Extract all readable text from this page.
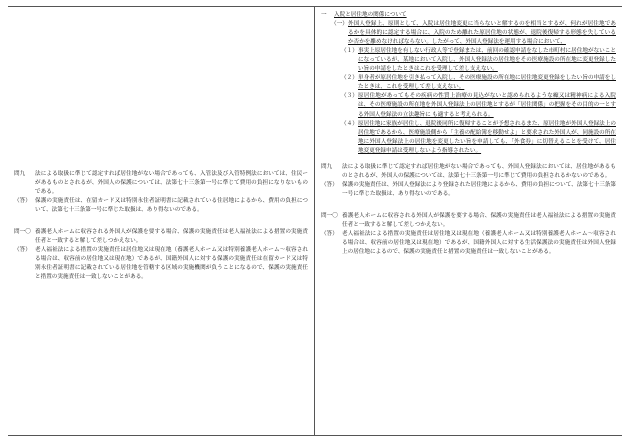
問九	法による取扱に準じて認定すれば居住地がない場合であっても、入管法及び入管特例法においては、住民ーがあるものとされるが、外国人の保護については、法第七十三条第一号に準じて費用の負担になりないものである。
（答） 保護の実施責任は、在留カード又は特別永住者証明書に記載されている住居地によるから、費用の負担について、法第七十三条第一号に準じた取扱は、あり得ないのである。
問一〇 養護老人ホームに収容される外国人が保護を要する場合、保護の実施責任は老人福祉法による措置の実施責任者と一致すると解して差しつかえない。
（答） 老人福祉法による措置の実施責任は居住地又は現在地（養護老人ホーム又は特別養護老人ホーム～収容される場合は、収容前の居住地又は現在地）であるが、国籍外国人に対する保護の実施責任は在留カード又は特別永住者証明書に記載されている居住地を管轄する区域の実施機関が負うことになるので、保護の実施責任と措置の実施責任は一致しないことがある。
一	入院と居住地の関係について
（一） 外国人登録上、原則として、入院は居住地変更に当らないと解するのを相当とするが、何れが居住地であるかを具体的に認定する場合に、入院のため離れた原居住地の状態が、退院後復帰する形態を失しているか否かを離めなければならない。したがって、外国人登録法を運用する場合において、
（１） 事実上原居住地を有しない行政人等で登録または、前回の確認申請をなした市町村に居住地がないことになっているが、某地において入院し、外国人登録法の居住地をその医療施設の所在地に変更登録したい旨の申請をしたときはこれを受理して差し支えない。
（２） 単身者が原居住地を引き払って入院し、その医療施設の所在地に居住地変更登録をしたい旨の申請をしたときは、これを受理して差し支えない。
（３） 原居住地があってもその疾病の性質上治療の見込がないと認められるような癲又は精神病による入院は、その医療施設の所在地を外国人登録法上の居住地とするが「居住関係」の把握をその目的の一とする外国人登録法の立法趣旨に も適すると考えられる。
（４） 原居住地に家族が居住し、退院後同所に復帰することが予想されるまた、原居住地が外国人登録法上の居住地であるから、医療施設側から「主養の配給簿を移動せよ」と要求された外国人が、同施設の所在地に外国人登録法上の居住地を変更したい旨を申請しても、「外食券」に切替えることを受けて、居住地変更登録申請は受理しないよう指導されたい。
問九	法による取扱に準じて認定すれば居住地がない場合であっても、外国人登録法においては、居住地があるものとされるが、外国人の保護については、法第七十三条第一号に準じて費用の負担されるかないのである。
（答） 保護の実施責任は、外国人登録法により登録された居住地によるから、費用の負担について、法第七十三条第一号に準じた取扱は、あり得ないのである。
問一〇 養護老人ホームに収容される外国人が保護を要する場合、保護の実施責任は老人福祉法による措置の実施責任者と一致すると解して差しつかえない。
（答） 老人福祉法による措置の実施責任は居住地又は現在地（養護老人ホーム又は特別養護老人ホーム～収容される場合は、収容前の居住地又は現在地）であるが、国籍外国人に対する生活保護法の実施責任は外国人登録上の居住地によるので、保護の実施責任と措置の実施責任は一致しないことがある。
